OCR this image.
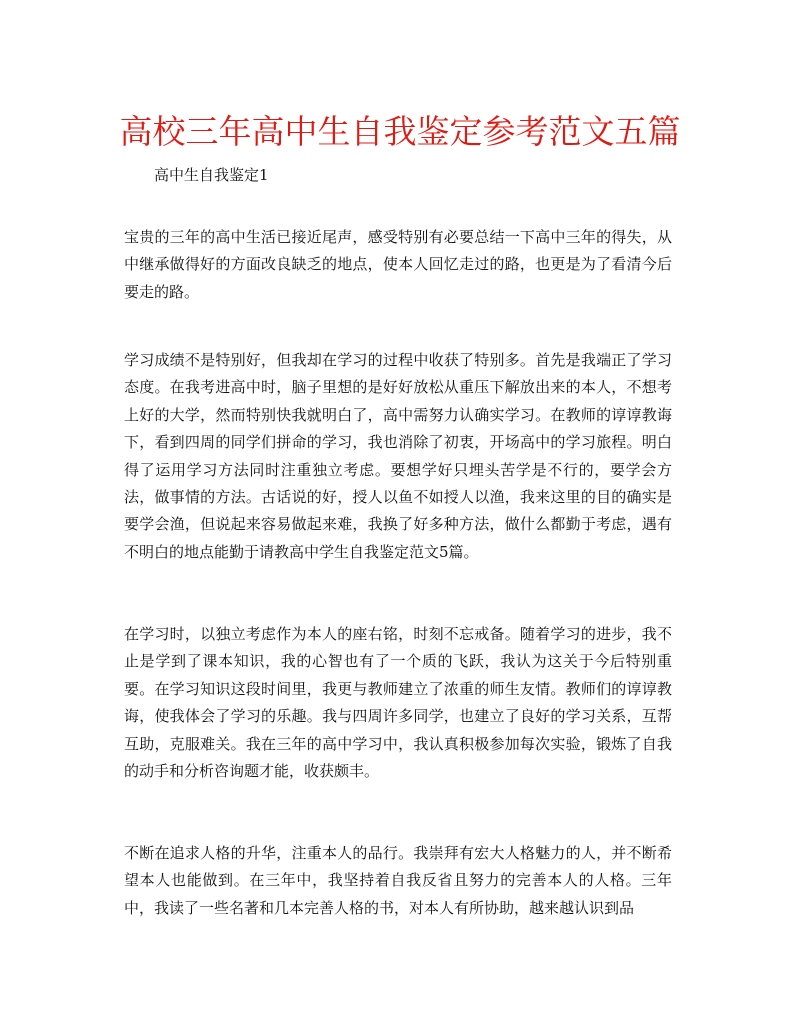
高校三年高中生自我鉴定参考范文五篇
高中生自我鉴定1

宝贵的三年的高中生活已接近尾声，感受特别有必要总结一下高中三年的得失，从中继承做得好的方面改良缺乏的地点，使本人回忆走过的路，也更是为了看清今后要走的路。

学习成绩不是特别好，但我却在学习的过程中收获了特别多。首先是我端正了学习态度。在我考进高中时，脑子里想的是好好放松从重压下解放出来的本人，不想考上好的大学，然而特别快我就明白了，高中需努力认确实学习。在教师的谆谆教诲下，看到四周的同学们拼命的学习，我也消除了初衷，开场高中的学习旅程。明白得了运用学习方法同时注重独立考虑。要想学好只埋头苦学是不行的，要学会方法，做事情的方法。古话说的好，授人以鱼不如授人以渔，我来这里的目的确实是要学会渔，但说起来容易做起来难，我换了好多种方法，做什么都勤于考虑，遇有不明白的地点能勤于请教高中学生自我鉴定范文5篇。

在学习时，以独立考虑作为本人的座右铭，时刻不忘戒备。随着学习的进步，我不止是学到了课本知识，我的心智也有了一个质的飞跃，我认为这关于今后特别重要。在学习知识这段时间里，我更与教师建立了浓重的师生友情。教师们的谆谆教诲，使我体会了学习的乐趣。我与四周许多同学，也建立了良好的学习关系，互帮互助，克服难关。我在三年的高中学习中，我认真积极参加每次实验，锻炼了自我的动手和分析咨询题才能，收获颇丰。

不断在追求人格的升华，注重本人的品行。我崇拜有宏大人格魅力的人，并不断希望本人也能做到。在三年中，我坚持着自我反省且努力的完善本人的人格。三年中，我读了一些名著和几本完善人格的书，对本人有所协助，越来越认识到品
